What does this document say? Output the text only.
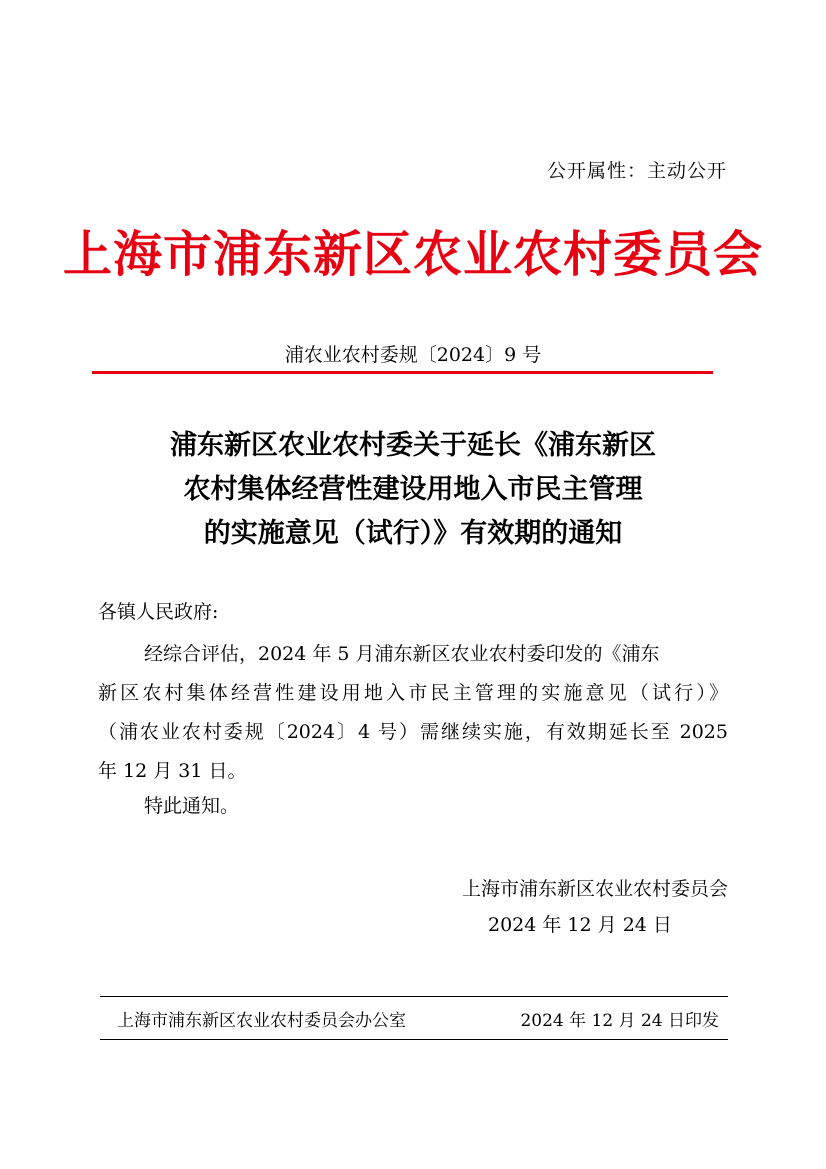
公开属性：主动公开
上海市浦东新区农业农村委员会
浦农业农村委规〔2024〕9 号
浦东新区农业农村委关于延长《浦东新区
农村集体经营性建设用地入市民主管理
的实施意见（试行）》有效期的通知
各镇人民政府:
经综合评估，2024 年 5 月浦东新区农业农村委印发的《浦东
新区农村集体经营性建设用地入市民主管理的实施意见（试行）》
（浦农业农村委规〔2024〕4 号）需继续实施，有效期延长至 2025
年 12 月 31 日。
特此通知。
上海市浦东新区农业农村委员会
2024 年 12 月 24 日
上海市浦东新区农业农村委员会办公室	2024 年 12 月 24 日印发
